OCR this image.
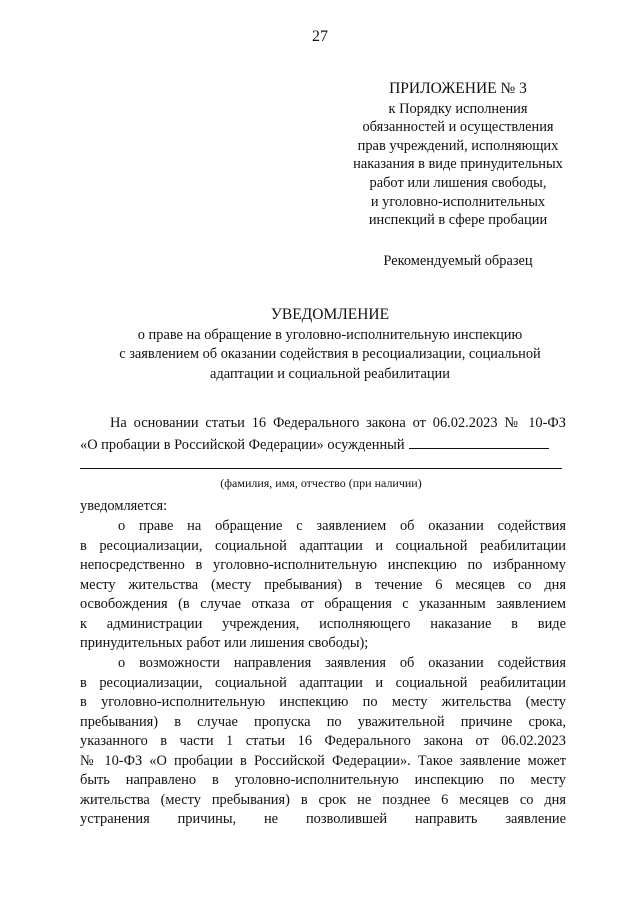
27
ПРИЛОЖЕНИЕ № 3
к Порядку исполнения
обязанностей и осуществления
прав учреждений, исполняющих
наказания в виде принудительных
работ или лишения свободы,
и уголовно-исполнительных
инспекций в сфере пробации
Рекомендуемый образец
УВЕДОМЛЕНИЕ
о праве на обращение в уголовно-исполнительную инспекцию
с заявлением об оказании содействия в ресоциализации, социальной
адаптации и социальной реабилитации
На основании статьи 16 Федерального закона от 06.02.2023 № 10-ФЗ
«О пробации в Российской Федерации» осужденный
(фамилия, имя, отчество (при наличии)
уведомляется:
о праве на обращение с заявлением об оказании содействия
в ресоциализации, социальной адаптации и социальной реабилитации
непосредственно в уголовно-исполнительную инспекцию по избранному
месту жительства (месту пребывания) в течение 6 месяцев со дня
освобождения (в случае отказа от обращения с указанным заявлением
к администрации учреждения, исполняющего наказание в виде
принудительных работ или лишения свободы);
о возможности направления заявления об оказании содействия
в ресоциализации, социальной адаптации и социальной реабилитации
в уголовно-исполнительную инспекцию по месту жительства (месту
пребывания) в случае пропуска по уважительной причине срока,
указанного в части 1 статьи 16 Федерального закона от 06.02.2023
№ 10-ФЗ «О пробации в Российской Федерации». Такое заявление может
быть направлено в уголовно-исполнительную инспекцию по месту
жительства (месту пребывания) в срок не позднее 6 месяцев со дня
устранения причины, не позволившей направить заявление
